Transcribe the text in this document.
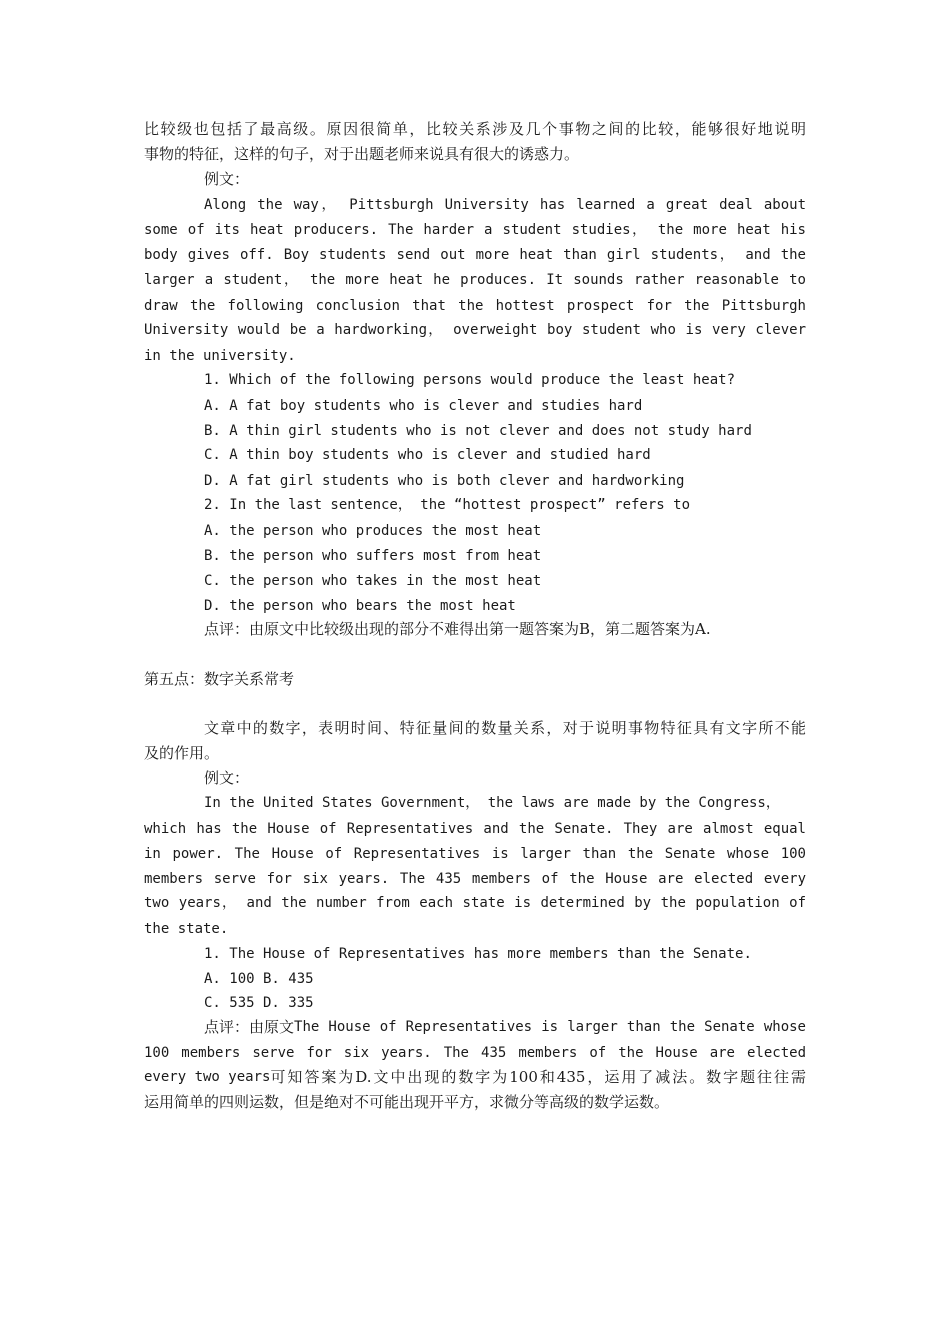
比较级也包括了最高级。原因很简单，比较关系涉及几个事物之间的比较，能够很好地说明
事物的特征，这样的句子，对于出题老师来说具有很大的诱惑力。
例文：
Along the way， Pittsburgh University has learned a great deal about
some of its heat producers. The harder a student studies， the more heat his
body gives off. Boy students send out more heat than girl students， and the
larger a student， the more heat he produces. It sounds rather reasonable to
draw the following conclusion that the hottest prospect for the Pittsburgh
University would be a hardworking， overweight boy student who is very clever
in the university.
1. Which of the following persons would produce the least heat?
A. A fat boy students who is clever and studies hard
B. A thin girl students who is not clever and does not study hard
C. A thin boy students who is clever and studied hard
D. A fat girl students who is both clever and hardworking
2. In the last sentence， the “hottest prospect” refers to
A. the person who produces the most heat
B. the person who suffers most from heat
C. the person who takes in the most heat
D. the person who bears the most heat
点评：由原文中比较级出现的部分不难得出第一题答案为B，第二题答案为A.
第五点：数字关系常考
文章中的数字，表明时间、特征量间的数量关系，对于说明事物特征具有文字所不能
及的作用。
例文：
In the United States Government， the laws are made by the Congress，
which has the House of Representatives and the Senate. They are almost equal
in power. The House of Representatives is larger than the Senate whose 100
members serve for six years. The 435 members of the House are elected every
two years， and the number from each state is determined by the population of
the state.
1. The House of Representatives has more members than the Senate.
A. 100 B. 435
C. 535 D. 335
点评：由原文 The House of Representatives is larger than the Senate whose
100 members serve for six years. The 435 members of the House are elected
every two years 可知答案为D.文中出现的数字为100和435，运用了减法。数字题往往需
运用简单的四则运数，但是绝对不可能出现开平方，求微分等高级的数学运数。
